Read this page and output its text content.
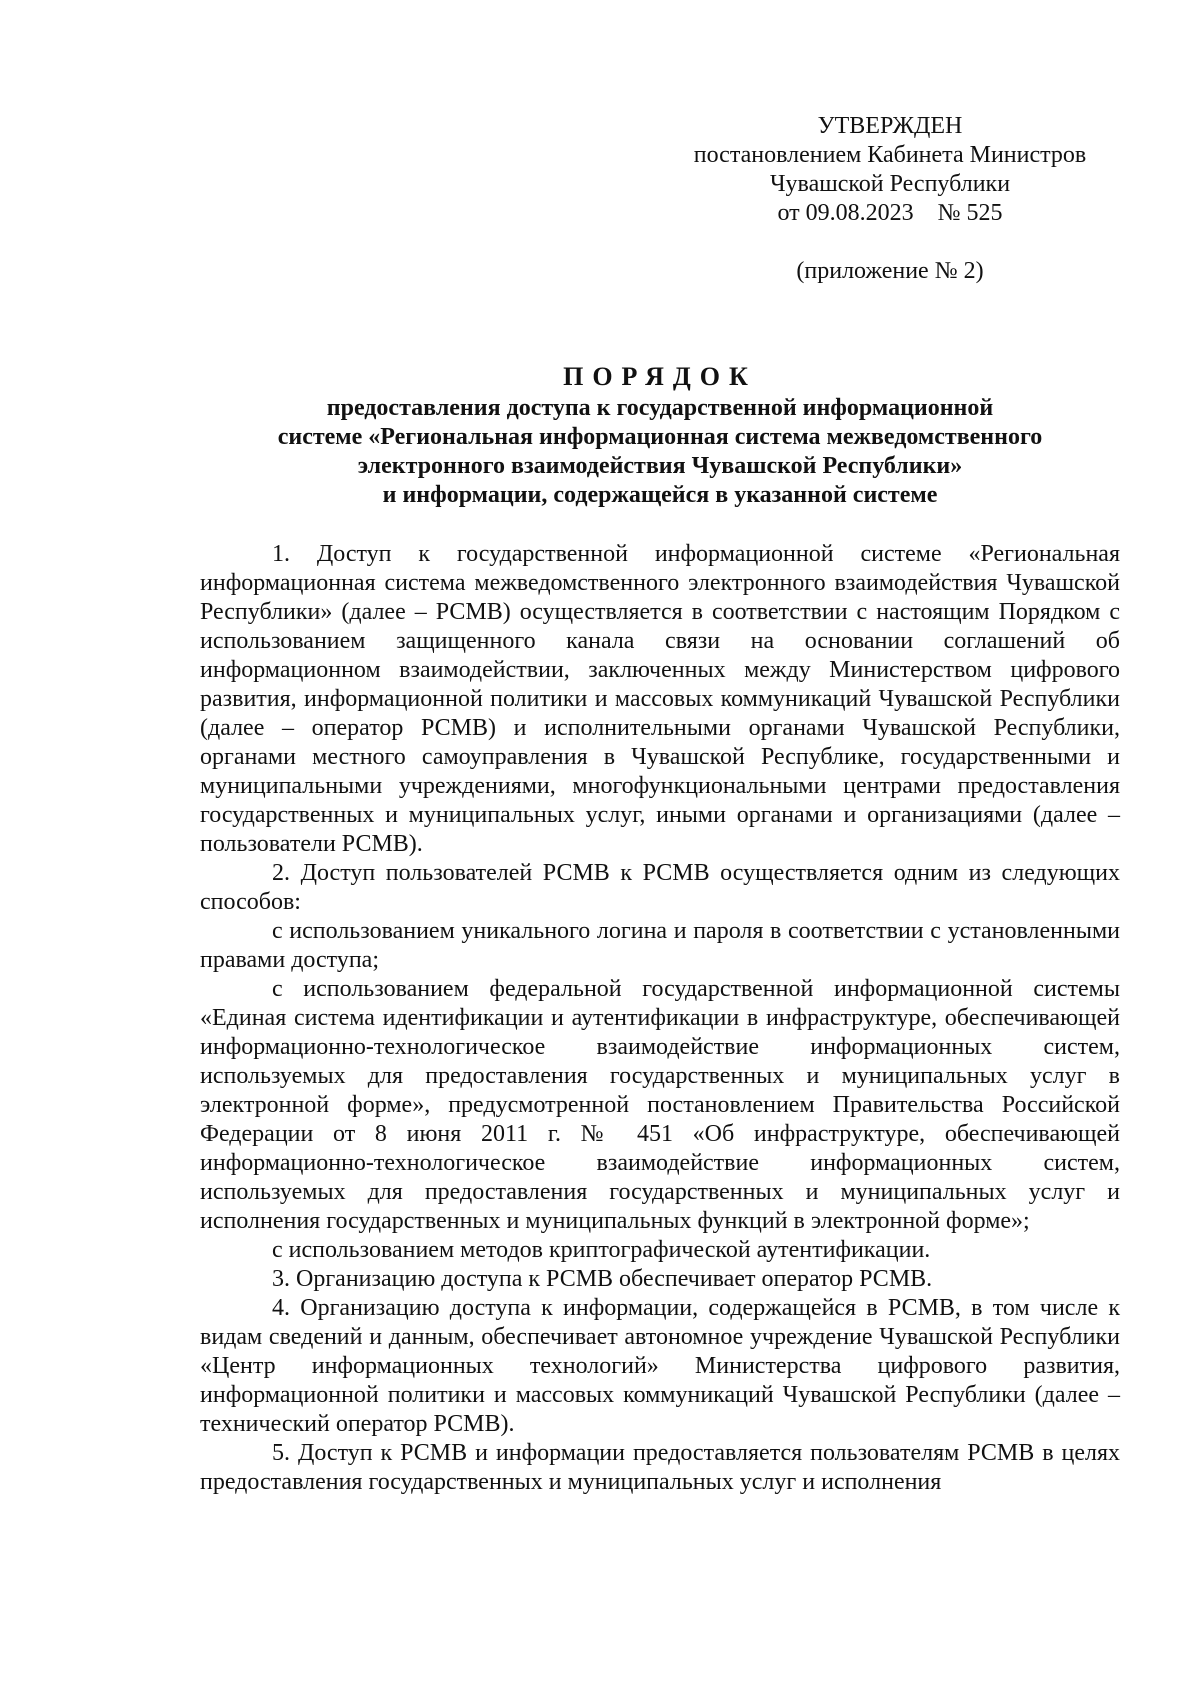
УТВЕРЖДЕН
постановлением Кабинета Министров
Чувашской Республики
от 09.08.2023    № 525
(приложение № 2)
ПОРЯДОК
предоставления доступа к государственной информационной
системе «Региональная информационная система межведомственного
электронного взаимодействия Чувашской Республики»
и информации, содержащейся в указанной системе

1. Доступ к государственной информационной системе «Региональная информационная система межведомственного электронного взаимодействия Чувашской Республики» (далее – РСМВ) осуществляется в соответствии с настоящим Порядком с использованием защищенного канала связи на основании соглашений об информационном взаимодействии, заключенных между Министерством цифрового развития, информационной политики и массовых коммуникаций Чувашской Республики (далее – оператор РСМВ) и исполнительными органами Чувашской Республики, органами местного самоуправления в Чувашской Республике, государственными и муниципальными учреждениями, многофункциональными центрами предоставления государственных и муниципальных услуг, иными органами и организациями (далее – пользователи РСМВ).

2. Доступ пользователей РСМВ к РСМВ осуществляется одним из следующих способов:

с использованием уникального логина и пароля в соответствии с установленными правами доступа;

с использованием федеральной государственной информационной системы «Единая система идентификации и аутентификации в инфраструктуре, обеспечивающей информационно-технологическое взаимодействие информационных систем, используемых для предоставления государственных и муниципальных услуг в электронной форме», предусмотренной постановлением Правительства Российской Федерации от 8 июня 2011 г. № 451 «Об инфраструктуре, обеспечивающей информационно-технологическое взаимодействие информационных систем, используемых для предоставления государственных и муниципальных услуг и исполнения государственных и муниципальных функций в электронной форме»;

с использованием методов криптографической аутентификации.

3. Организацию доступа к РСМВ обеспечивает оператор РСМВ.

4. Организацию доступа к информации, содержащейся в РСМВ, в том числе к видам сведений и данным, обеспечивает автономное учреждение Чувашской Республики «Центр информационных технологий» Министерства цифрового развития, информационной политики и массовых коммуникаций Чувашской Республики (далее – технический оператор РСМВ).

5. Доступ к РСМВ и информации предоставляется пользователям РСМВ в целях предоставления государственных и муниципальных услуг и исполнения
